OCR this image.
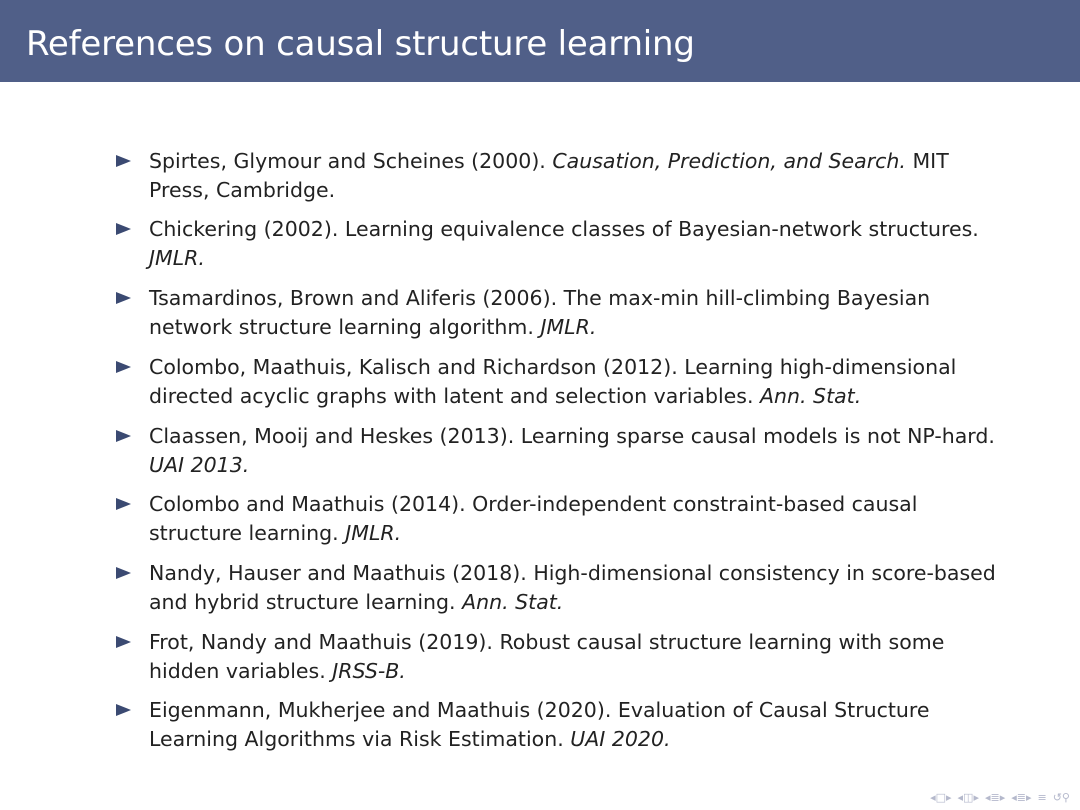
References on causal structure learning
Spirtes, Glymour and Scheines (2000). Causation, Prediction, and Search. MIT Press, Cambridge.
Chickering (2002). Learning equivalence classes of Bayesian-network structures. JMLR.
Tsamardinos, Brown and Aliferis (2006). The max-min hill-climbing Bayesian network structure learning algorithm. JMLR.
Colombo, Maathuis, Kalisch and Richardson (2012). Learning high-dimensional directed acyclic graphs with latent and selection variables. Ann. Stat.
Claassen, Mooij and Heskes (2013). Learning sparse causal models is not NP-hard. UAI 2013.
Colombo and Maathuis (2014). Order-independent constraint-based causal structure learning. JMLR.
Nandy, Hauser and Maathuis (2018). High-dimensional consistency in score-based and hybrid structure learning. Ann. Stat.
Frot, Nandy and Maathuis (2019). Robust causal structure learning with some hidden variables. JRSS-B.
Eigenmann, Mukherjee and Maathuis (2020). Evaluation of Causal Structure Learning Algorithms via Risk Estimation. UAI 2020.
◂□▸ ◂◫▸ ◂≣▸ ◂≣▸ ≡ ↺⚲
